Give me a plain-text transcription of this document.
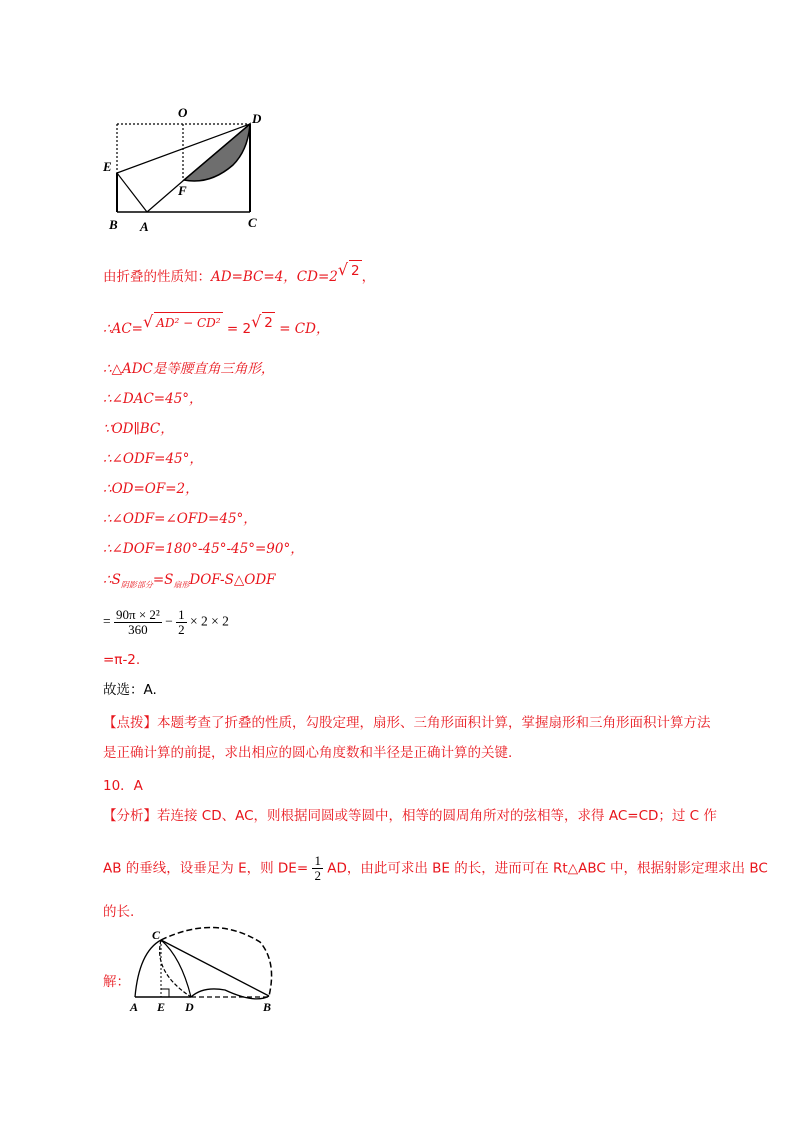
O	D
E
F
B A	C
由折叠的性质知：AD=BC=4，CD=2√ 2 ，
∴AC=√ AD² − CD² = 2√ 2 = CD，
∴△ADC是等腰直角三角形，
∴∠DAC=45°，
∵OD∥BC，
∴∠ODF=45°，
∴OD=OF=2，
∴∠ODF=∠OFD=45°，
∴∠DOF=180°-45°-45°=90°，
$\therefore S_{阴影部分}=S_{扇形}DOF-S\triangle ODF$
= $\frac{\text{90π × 2²}}{360} - \frac{1}{2} \times 2 \times 2$
=π-2.
故选：A.
【点拨】本题考查了折叠的性质，勾股定理，扇形、三角形面积计算，掌握扇形和三角形面积计算方法是正确计算的前提，求出相应的圆心角度数和半径是正确计算的关键.
10．A
【分析】若连接 CD、AC，则根据同圆或等圆中，相等的圆周角所对的弦相等，求得 AC=CD；过 C 作
AB 的垂线，设垂足为 E，则 $DE= \frac{1}{2}$ AD，由此可求出 BE 的长，进而可在 Rt△ABC 中，根据射影定理求出 BC
的长.
解：
C
A E D	B
